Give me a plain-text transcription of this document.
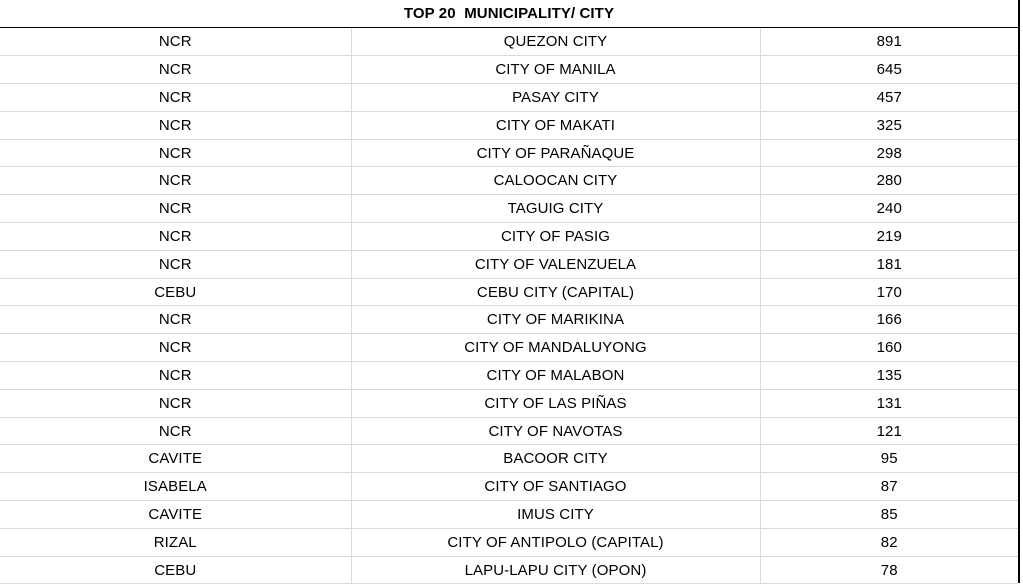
TOP 20  MUNICIPALITY/ CITY
NCR	QUEZON CITY	891
NCR	CITY OF MANILA	645
NCR	PASAY CITY	457
NCR	CITY OF MAKATI	325
NCR	CITY OF PARAÑAQUE	298
NCR	CALOOCAN CITY	280
NCR	TAGUIG CITY	240
NCR	CITY OF PASIG	219
NCR	CITY OF VALENZUELA	181
CEBU	CEBU CITY (CAPITAL)	170
NCR	CITY OF MARIKINA	166
NCR	CITY OF MANDALUYONG	160
NCR	CITY OF MALABON	135
NCR	CITY OF LAS PIÑAS	131
NCR	CITY OF NAVOTAS	121
CAVITE	BACOOR CITY	95
ISABELA	CITY OF SANTIAGO	87
CAVITE	IMUS CITY	85
RIZAL	CITY OF ANTIPOLO (CAPITAL)	82
CEBU	LAPU-LAPU CITY (OPON)	78
